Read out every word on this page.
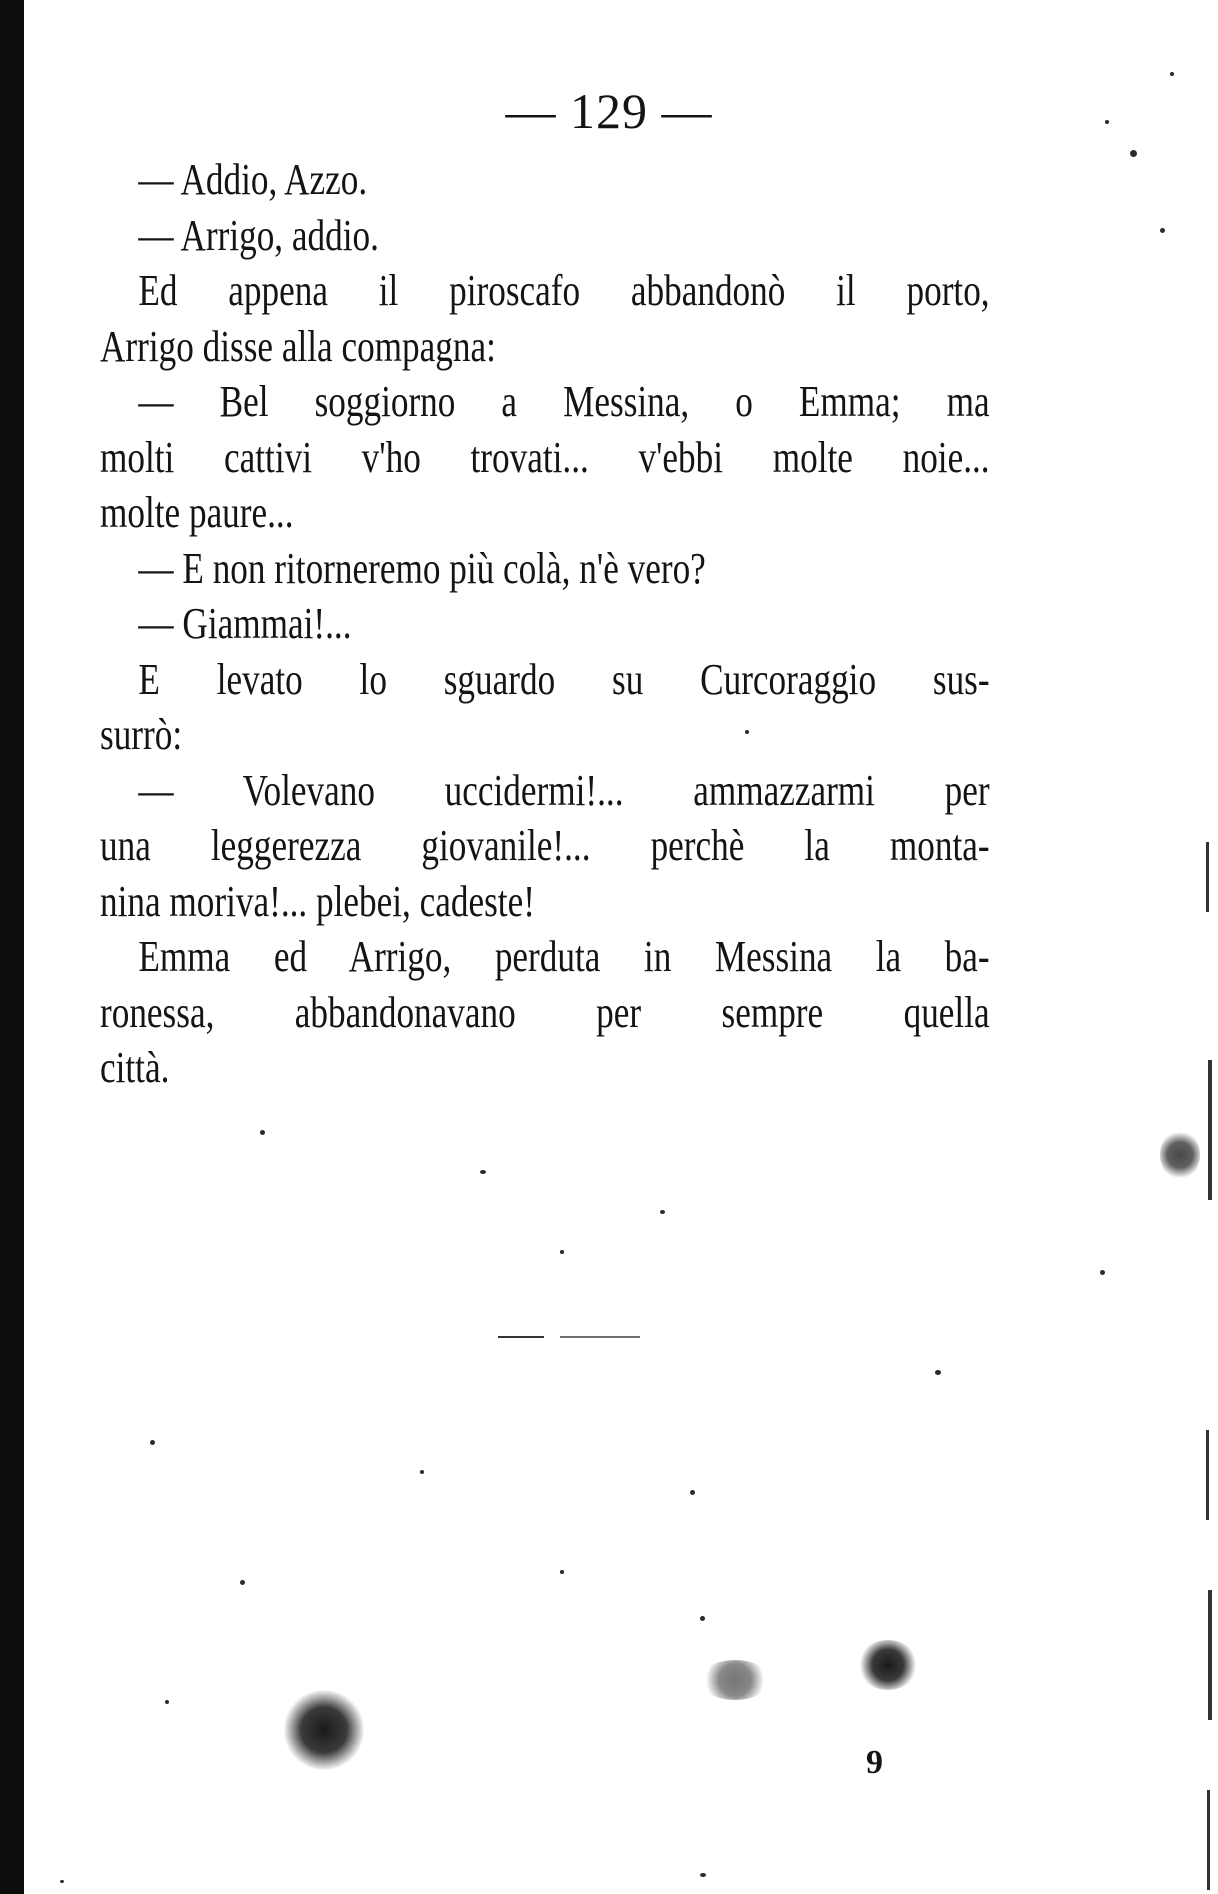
— 129 —
— Addio, Azzo.
— Arrigo, addio.
Ed appena il piroscafo abbandonò il porto,
Arrigo disse alla compagna:
— Bel soggiorno a Messina, o Emma; ma
molti cattivi v'ho trovati... v'ebbi molte noie...
molte paure...
— E non ritorneremo più colà, n'è vero?
— Giammai!...
E levato lo sguardo su Curcoraggio sus-
surrò:
— Volevano uccidermi!... ammazzarmi per
una leggerezza giovanile!... perchè la monta-
nina moriva!... plebei, cadeste!
Emma ed Arrigo, perduta in Messina la ba-
ronessa, abbandonavano per sempre quella
città.
9
